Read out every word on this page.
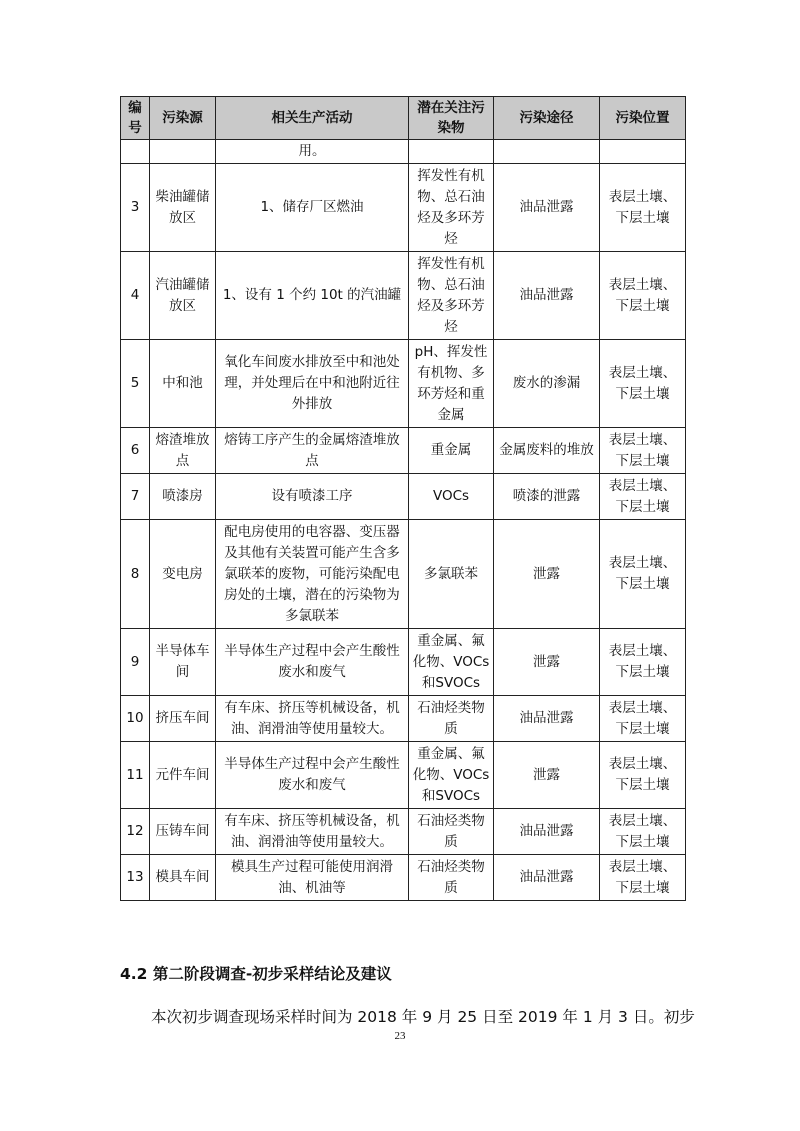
编号	污染源	相关生产活动	潜在关注污染物	污染途径	污染位置
		用。			
3	柴油罐储放区	1、储存厂区燃油	挥发性有机物、总石油烃及多环芳烃	油品泄露	表层土壤、下层土壤
4	汽油罐储放区	1、设有 1 个约 10t 的汽油罐	挥发性有机物、总石油烃及多环芳烃	油品泄露	表层土壤、下层土壤
5	中和池	氧化车间废水排放至中和池处理，并处理后在中和池附近往外排放	pH、挥发性有机物、多环芳烃和重金属	废水的渗漏	表层土壤、下层土壤
6	熔渣堆放点	熔铸工序产生的金属熔渣堆放点	重金属	金属废料的堆放	表层土壤、下层土壤
7	喷漆房	设有喷漆工序	VOCs	喷漆的泄露	表层土壤、下层土壤
8	变电房	配电房使用的电容器、变压器及其他有关装置可能产生含多氯联苯的废物，可能污染配电房处的土壤，潜在的污染物为多氯联苯	多氯联苯	泄露	表层土壤、下层土壤
9	半导体车间	半导体生产过程中会产生酸性废水和废气	重金属、氟化物、VOCs和SVOCs	泄露	表层土壤、下层土壤
10	挤压车间	有车床、挤压等机械设备，机油、润滑油等使用量较大。	石油烃类物质	油品泄露	表层土壤、下层土壤
11	元件车间	半导体生产过程中会产生酸性废水和废气	重金属、氟化物、VOCs和SVOCs	泄露	表层土壤、下层土壤
12	压铸车间	有车床、挤压等机械设备，机油、润滑油等使用量较大。	石油烃类物质	油品泄露	表层土壤、下层土壤
13	模具车间	模具生产过程可能使用润滑油、机油等	石油烃类物质	油品泄露	表层土壤、下层土壤
4.2 第二阶段调查-初步采样结论及建议
本次初步调查现场采样时间为 2018 年 9 月 25 日至 2019 年 1 月 3 日。初步
23
